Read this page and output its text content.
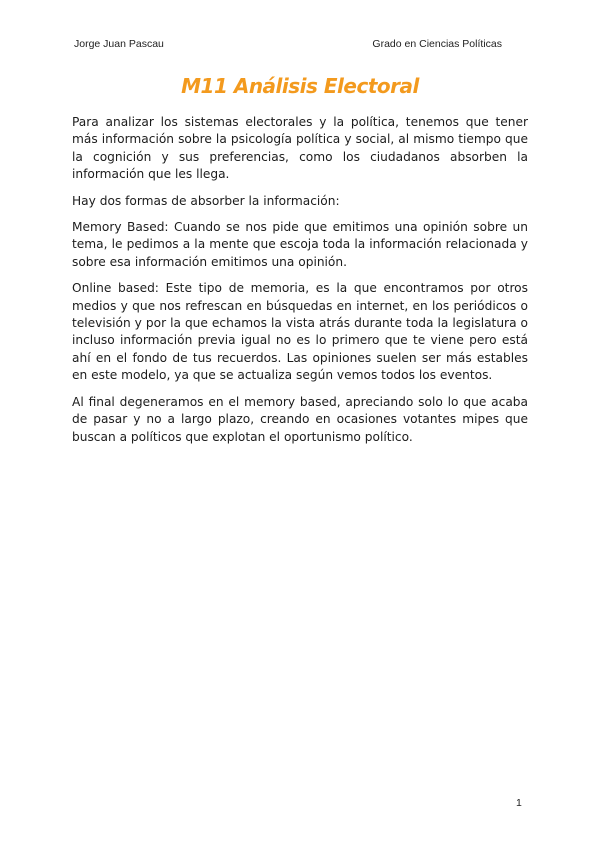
Jorge Juan Pascau	Grado en Ciencias Políticas
M11 Análisis Electoral

Para analizar los sistemas electorales y la política, tenemos que tener más información sobre la psicología política y social, al mismo tiempo que la cognición y sus preferencias, como los ciudadanos absorben la información que les llega.

Hay dos formas de absorber la información:

Memory Based: Cuando se nos pide que emitimos una opinión sobre un tema, le pedimos a la mente que escoja toda la información relacionada y sobre esa información emitimos una opinión.

Online based: Este tipo de memoria, es la que encontramos por otros medios y que nos refrescan en búsquedas en internet, en los periódicos o televisión y por la que echamos la vista atrás durante toda la legislatura o incluso información previa igual no es lo primero que te viene pero está ahí en el fondo de tus recuerdos. Las opiniones suelen ser más estables en este modelo, ya que se actualiza según vemos todos los eventos.

Al final degeneramos en el memory based, apreciando solo lo que acaba de pasar y no a largo plazo, creando en ocasiones votantes mipes que buscan a políticos que explotan el oportunismo político.

1
